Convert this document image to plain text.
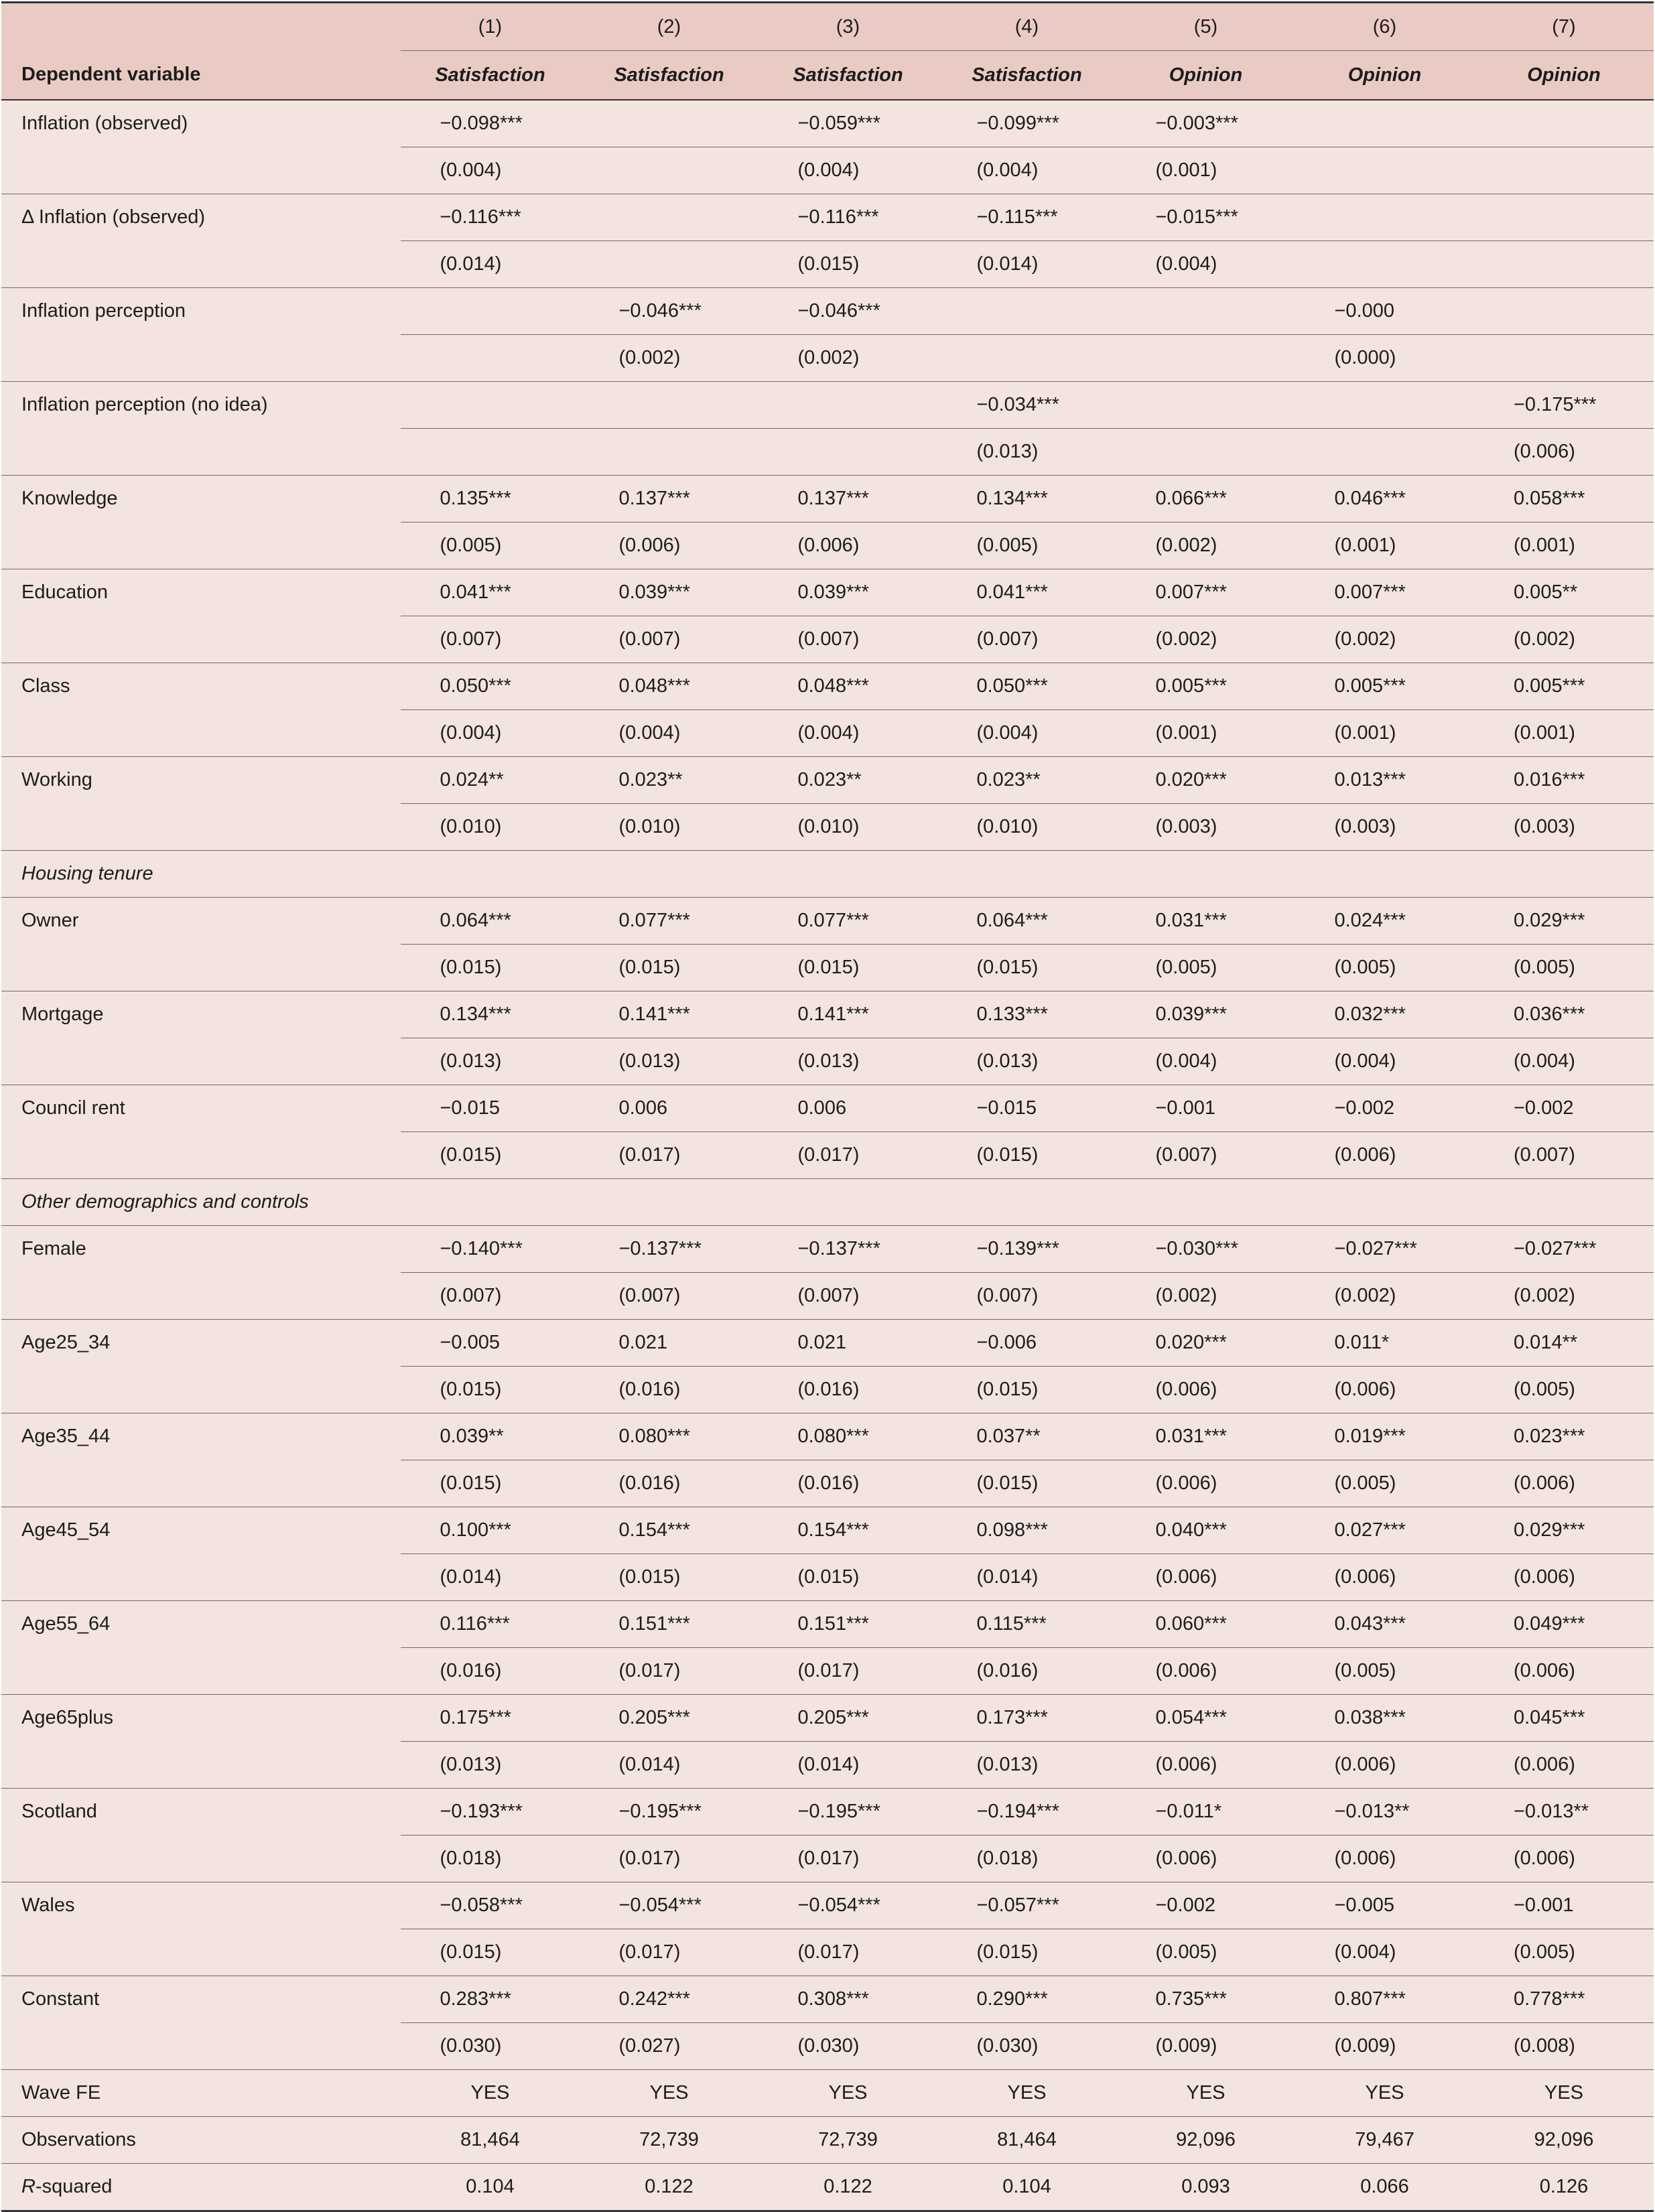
	(1)	(2)	(3)	(4)	(5)	(6)	(7)
Dependent variable	Satisfaction	Satisfaction	Satisfaction	Satisfaction	Opinion	Opinion	Opinion
Inflation (observed)	−0.098***		−0.059***	−0.099***	−0.003***		
	(0.004)		(0.004)	(0.004)	(0.001)		
Δ Inflation (observed)	−0.116***		−0.116***	−0.115***	−0.015***		
	(0.014)		(0.015)	(0.014)	(0.004)		
Inflation perception		−0.046***	−0.046***			−0.000	
		(0.002)	(0.002)			(0.000)	
Inflation perception (no idea)				−0.034***			−0.175***
				(0.013)			(0.006)
Knowledge	0.135***	0.137***	0.137***	0.134***	0.066***	0.046***	0.058***
	(0.005)	(0.006)	(0.006)	(0.005)	(0.002)	(0.001)	(0.001)
Education	0.041***	0.039***	0.039***	0.041***	0.007***	0.007***	0.005**
	(0.007)	(0.007)	(0.007)	(0.007)	(0.002)	(0.002)	(0.002)
Class	0.050***	0.048***	0.048***	0.050***	0.005***	0.005***	0.005***
	(0.004)	(0.004)	(0.004)	(0.004)	(0.001)	(0.001)	(0.001)
Working	0.024**	0.023**	0.023**	0.023**	0.020***	0.013***	0.016***
	(0.010)	(0.010)	(0.010)	(0.010)	(0.003)	(0.003)	(0.003)
Housing tenure							
Owner	0.064***	0.077***	0.077***	0.064***	0.031***	0.024***	0.029***
	(0.015)	(0.015)	(0.015)	(0.015)	(0.005)	(0.005)	(0.005)
Mortgage	0.134***	0.141***	0.141***	0.133***	0.039***	0.032***	0.036***
	(0.013)	(0.013)	(0.013)	(0.013)	(0.004)	(0.004)	(0.004)
Council rent	−0.015	0.006	0.006	−0.015	−0.001	−0.002	−0.002
	(0.015)	(0.017)	(0.017)	(0.015)	(0.007)	(0.006)	(0.007)
Other demographics and controls							
Female	−0.140***	−0.137***	−0.137***	−0.139***	−0.030***	−0.027***	−0.027***
	(0.007)	(0.007)	(0.007)	(0.007)	(0.002)	(0.002)	(0.002)
Age25_34	−0.005	0.021	0.021	−0.006	0.020***	0.011*	0.014**
	(0.015)	(0.016)	(0.016)	(0.015)	(0.006)	(0.006)	(0.005)
Age35_44	0.039**	0.080***	0.080***	0.037**	0.031***	0.019***	0.023***
	(0.015)	(0.016)	(0.016)	(0.015)	(0.006)	(0.005)	(0.006)
Age45_54	0.100***	0.154***	0.154***	0.098***	0.040***	0.027***	0.029***
	(0.014)	(0.015)	(0.015)	(0.014)	(0.006)	(0.006)	(0.006)
Age55_64	0.116***	0.151***	0.151***	0.115***	0.060***	0.043***	0.049***
	(0.016)	(0.017)	(0.017)	(0.016)	(0.006)	(0.005)	(0.006)
Age65plus	0.175***	0.205***	0.205***	0.173***	0.054***	0.038***	0.045***
	(0.013)	(0.014)	(0.014)	(0.013)	(0.006)	(0.006)	(0.006)
Scotland	−0.193***	−0.195***	−0.195***	−0.194***	−0.011*	−0.013**	−0.013**
	(0.018)	(0.017)	(0.017)	(0.018)	(0.006)	(0.006)	(0.006)
Wales	−0.058***	−0.054***	−0.054***	−0.057***	−0.002	−0.005	−0.001
	(0.015)	(0.017)	(0.017)	(0.015)	(0.005)	(0.004)	(0.005)
Constant	0.283***	0.242***	0.308***	0.290***	0.735***	0.807***	0.778***
	(0.030)	(0.027)	(0.030)	(0.030)	(0.009)	(0.009)	(0.008)
Wave FE	YES	YES	YES	YES	YES	YES	YES
Observations	81,464	72,739	72,739	81,464	92,096	79,467	92,096
R-squared	0.104	0.122	0.122	0.104	0.093	0.066	0.126
